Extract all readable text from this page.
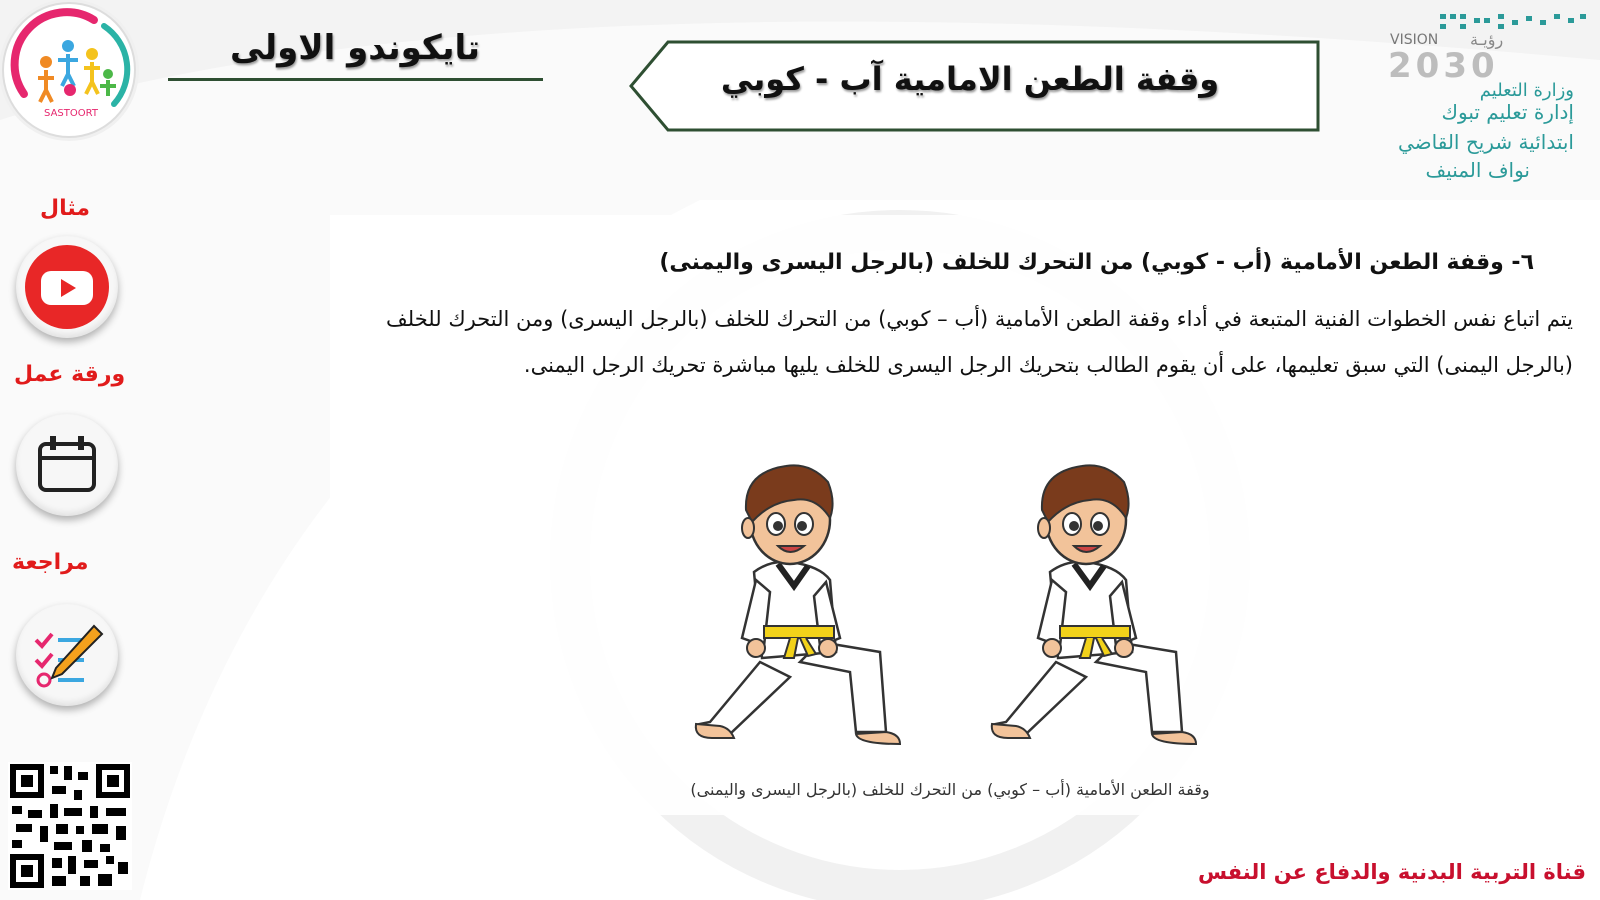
SASTOORT
تايكوندو الاولى
وقفة الطعن الامامية آب - كوبي
VISION رؤيـة
2030
وزارة التعليم
إدارة تعليم تبوك
ابتدائية شريح القاضي
نواف المنيف
مثال
ورقة عمل
مراجعة
٦- وقفة الطعن الأمامية (أب - كوبي) من التحرك للخلف (بالرجل اليسرى واليمنى)
يتم اتباع نفس الخطوات الفنية المتبعة في أداء وقفة الطعن الأمامية (أب – كوبي) من التحرك للخلف (بالرجل اليسرى) ومن التحرك للخلف (بالرجل اليمنى) التي سبق تعليمها، على أن يقوم الطالب بتحريك الرجل اليسرى للخلف يليها مباشرة تحريك الرجل اليمنى.
وقفة الطعن الأمامية (أب – كوبي) من التحرك للخلف (بالرجل اليسرى واليمنى)
قناة التربية البدنية والدفاع عن النفس
